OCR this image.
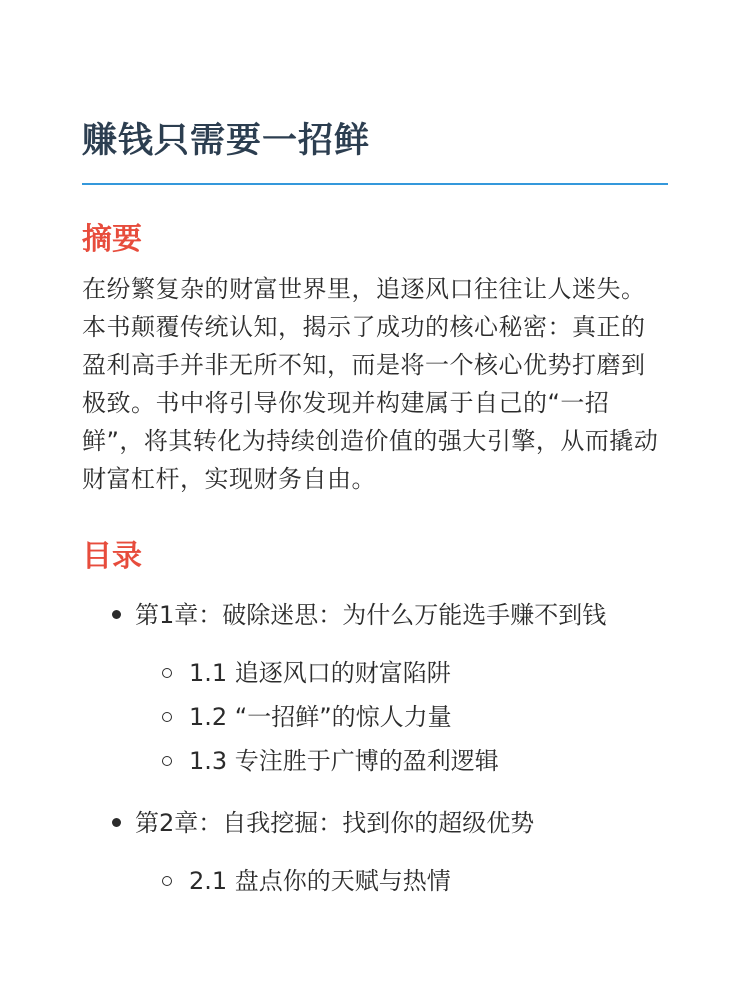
赚钱只需要一招鲜
摘要

在纷繁复杂的财富世界里，追逐风口往往让人迷失。本书颠覆传统认知，揭示了成功的核心秘密：真正的盈利高手并非无所不知，而是将一个核心优势打磨到极致。书中将引导你发现并构建属于自己的“一招鲜”，将其转化为持续创造价值的强大引擎，从而撬动财富杠杆，实现财务自由。

目录
第1章：破除迷思：为什么万能选手赚不到钱
1.1 追逐风口的财富陷阱
1.2 “一招鲜”的惊人力量
1.3 专注胜于广博的盈利逻辑
第2章：自我挖掘：找到你的超级优势
2.1 盘点你的天赋与热情
